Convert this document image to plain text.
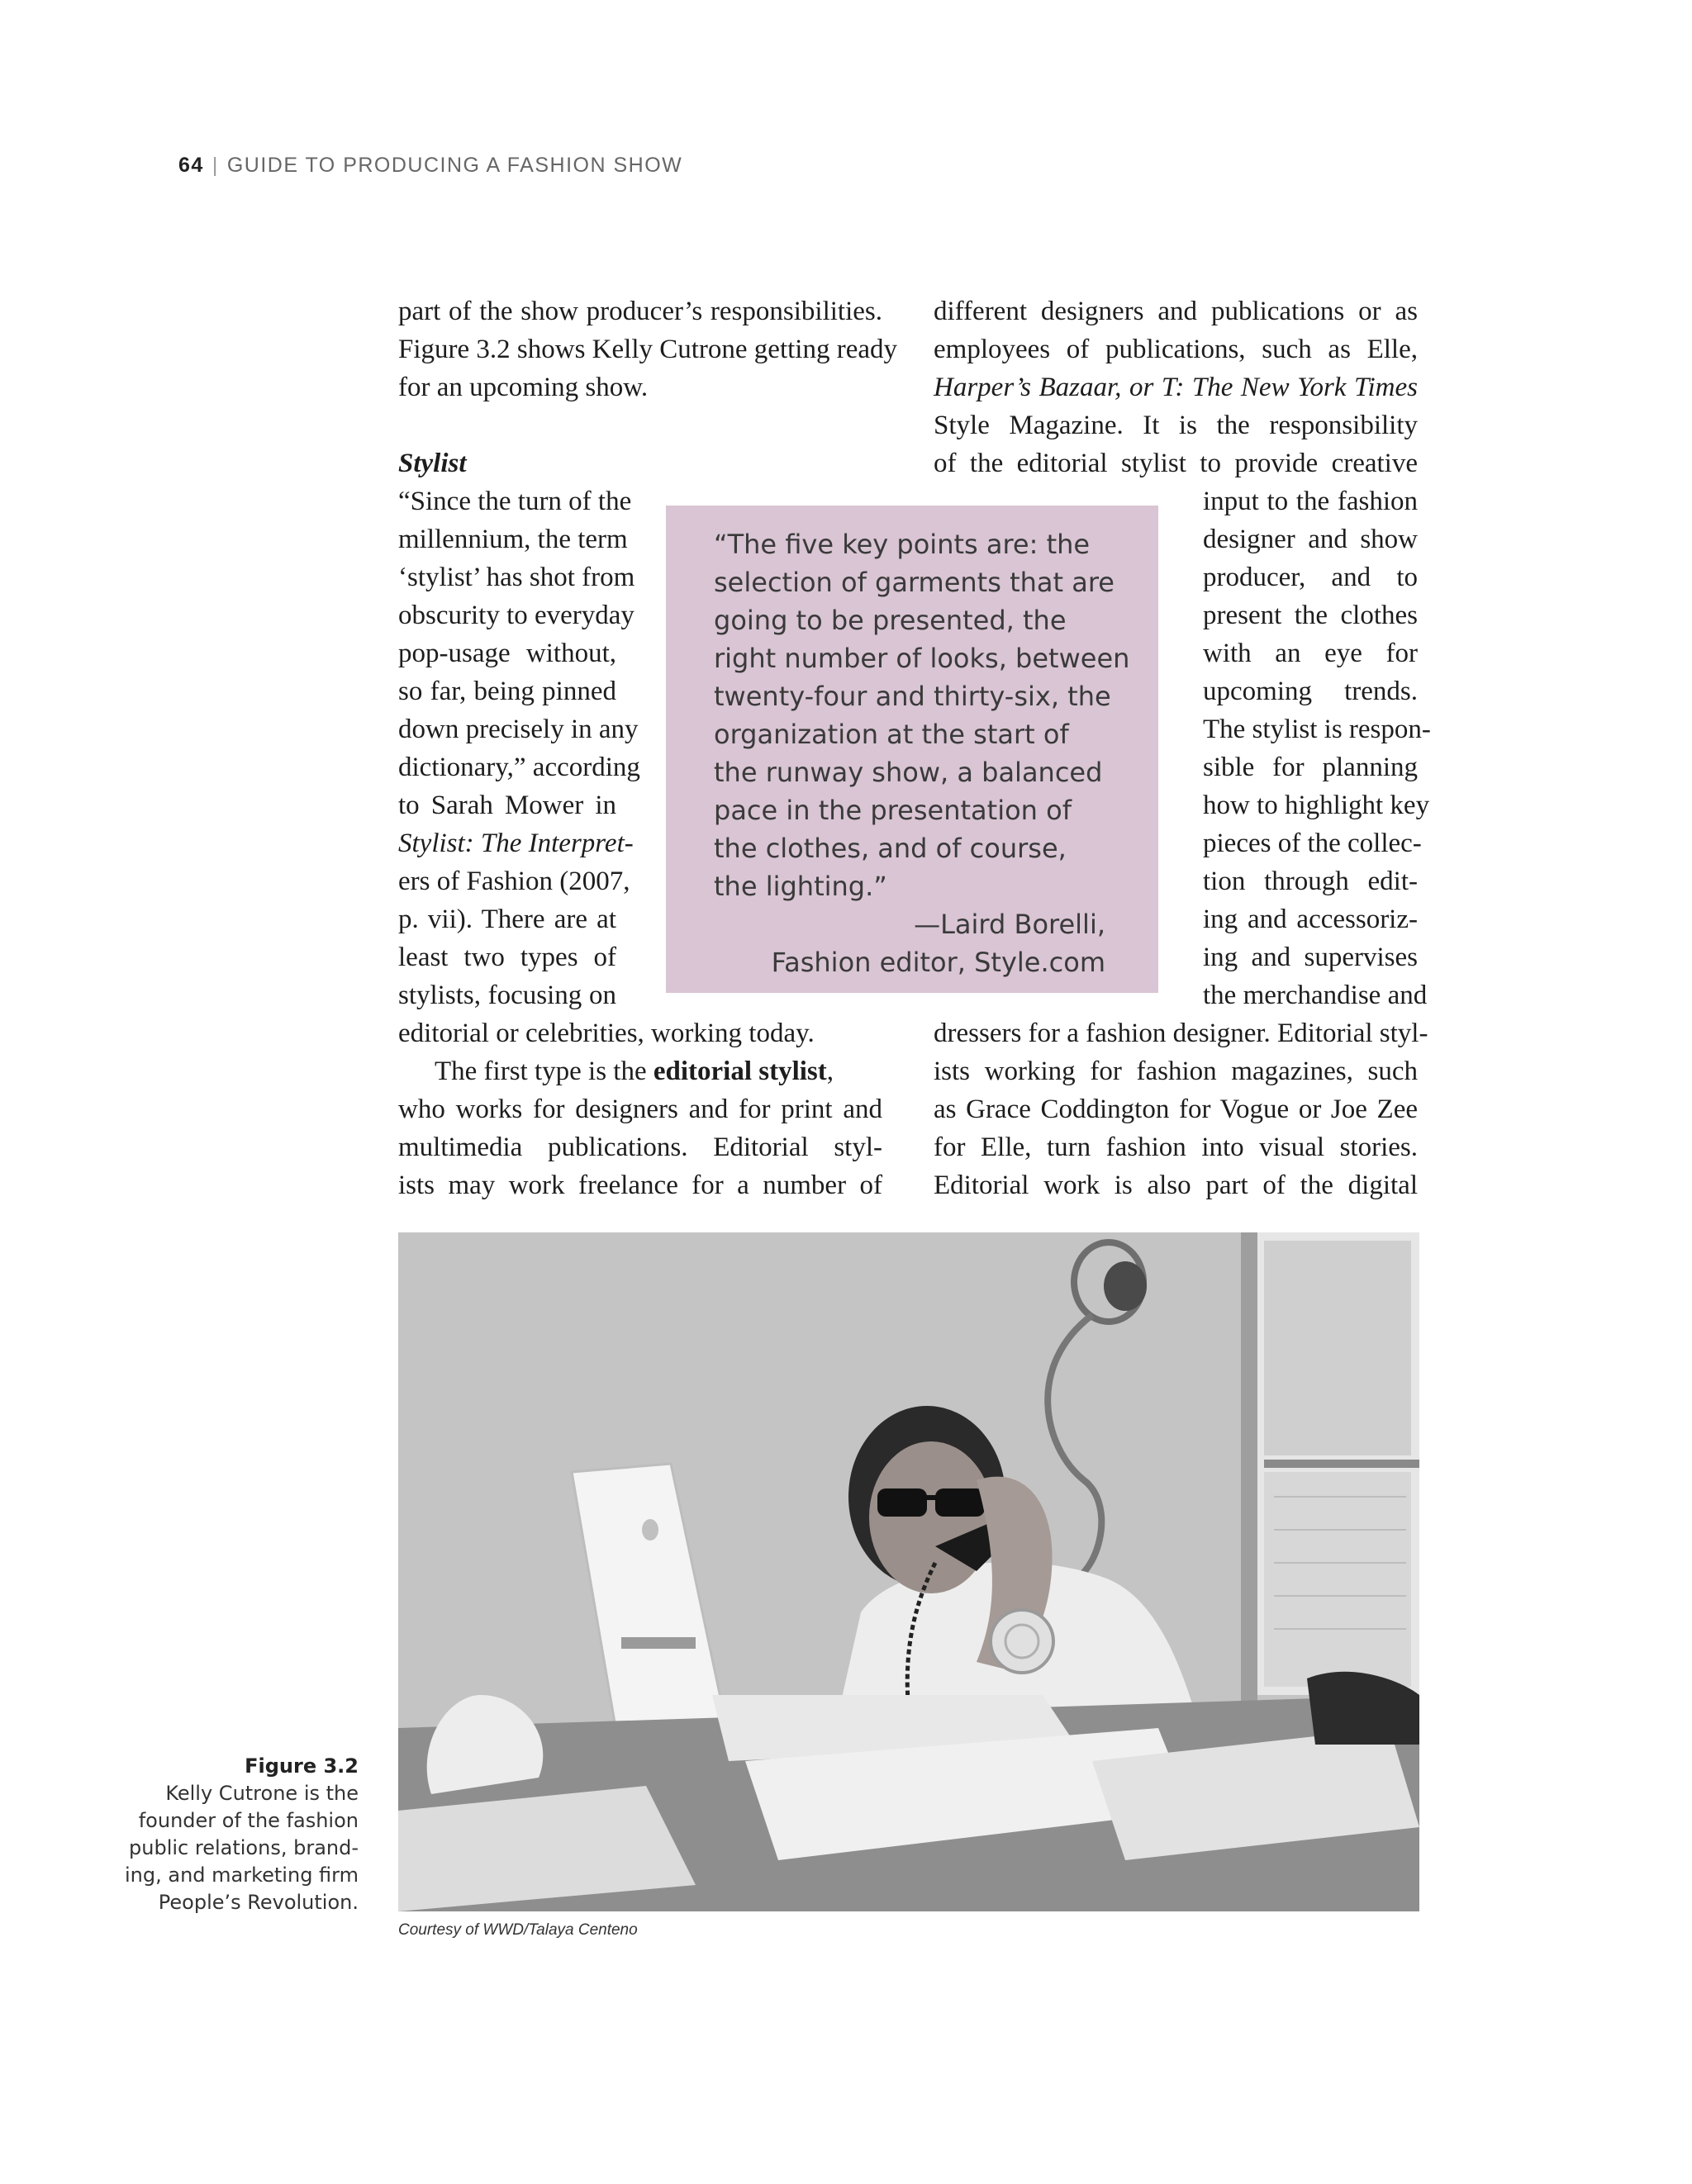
64 | GUIDE TO PRODUCING A FASHION SHOW
part of the show producer’s responsibilities.
Figure 3.2 shows Kelly Cutrone getting ready
for an upcoming show.
Stylist
“Since the turn of the
millennium, the term
‘stylist’ has shot from
obscurity to everyday
pop-usage without,
so far, being pinned
down precisely in any
dictionary,” according
to Sarah Mower in
Stylist: The Interpret-
ers of Fashion (2007,
p. vii). There are at
least two types of
stylists, focusing on
editorial or celebrities, working today.
The first type is the editorial stylist,
who works for designers and for print and
multimedia publications. Editorial styl-
ists may work freelance for a number of
different designers and publications or as
employees of publications, such as Elle,
Harper’s Bazaar, or T: The New York Times
Style Magazine. It is the responsibility
of the editorial stylist to provide creative
input to the fashion
designer and show
producer, and to
present the clothes
with an eye for
upcoming trends.
The stylist is respon-
sible for planning
how to highlight key
pieces of the collec-
tion through edit-
ing and accessoriz-
ing and supervises
the merchandise and
dressers for a fashion designer. Editorial styl-
ists working for fashion magazines, such
as Grace Coddington for Vogue or Joe Zee
for Elle, turn fashion into visual stories.
Editorial work is also part of the digital
“The five key points are: the
selection of garments that are
going to be presented, the
right number of looks, between
twenty-four and thirty-six, the
organization at the start of
the runway show, a balanced
pace in the presentation of
the clothes, and of course,
the lighting.”
—Laird Borelli,
Fashion editor, Style.com
Courtesy of WWD/Talaya Centeno
Figure 3.2
Kelly Cutrone is the
founder of the fashion
public relations, brand-
ing, and marketing firm
People’s Revolution.
